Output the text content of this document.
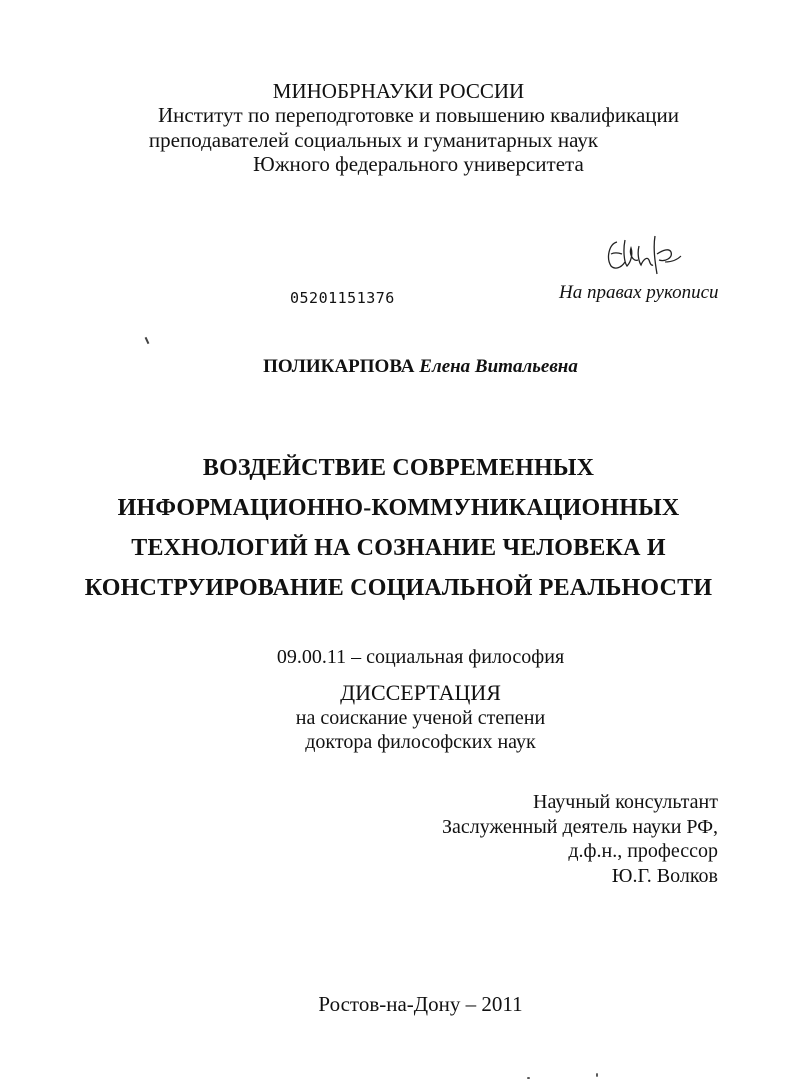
МИНОБРНАУКИ РОССИИ
Институт по переподготовке и повышению квалификации
преподавателей социальных и гуманитарных наук
Южного федерального университета
05201151376	На правах рукописи
ПОЛИКАРПОВА Елена Витальевна
ВОЗДЕЙСТВИЕ СОВРЕМЕННЫХ
ИНФОРМАЦИОННО-КОММУНИКАЦИОННЫХ
ТЕХНОЛОГИЙ НА СОЗНАНИЕ ЧЕЛОВЕКА И
КОНСТРУИРОВАНИЕ СОЦИАЛЬНОЙ РЕАЛЬНОСТИ
09.00.11 – социальная философия
ДИССЕРТАЦИЯ
на соискание ученой степени
доктора философских наук
Научный консультант
Заслуженный деятель науки РФ,
д.ф.н., профессор
Ю.Г. Волков
Ростов-на-Дону – 2011
